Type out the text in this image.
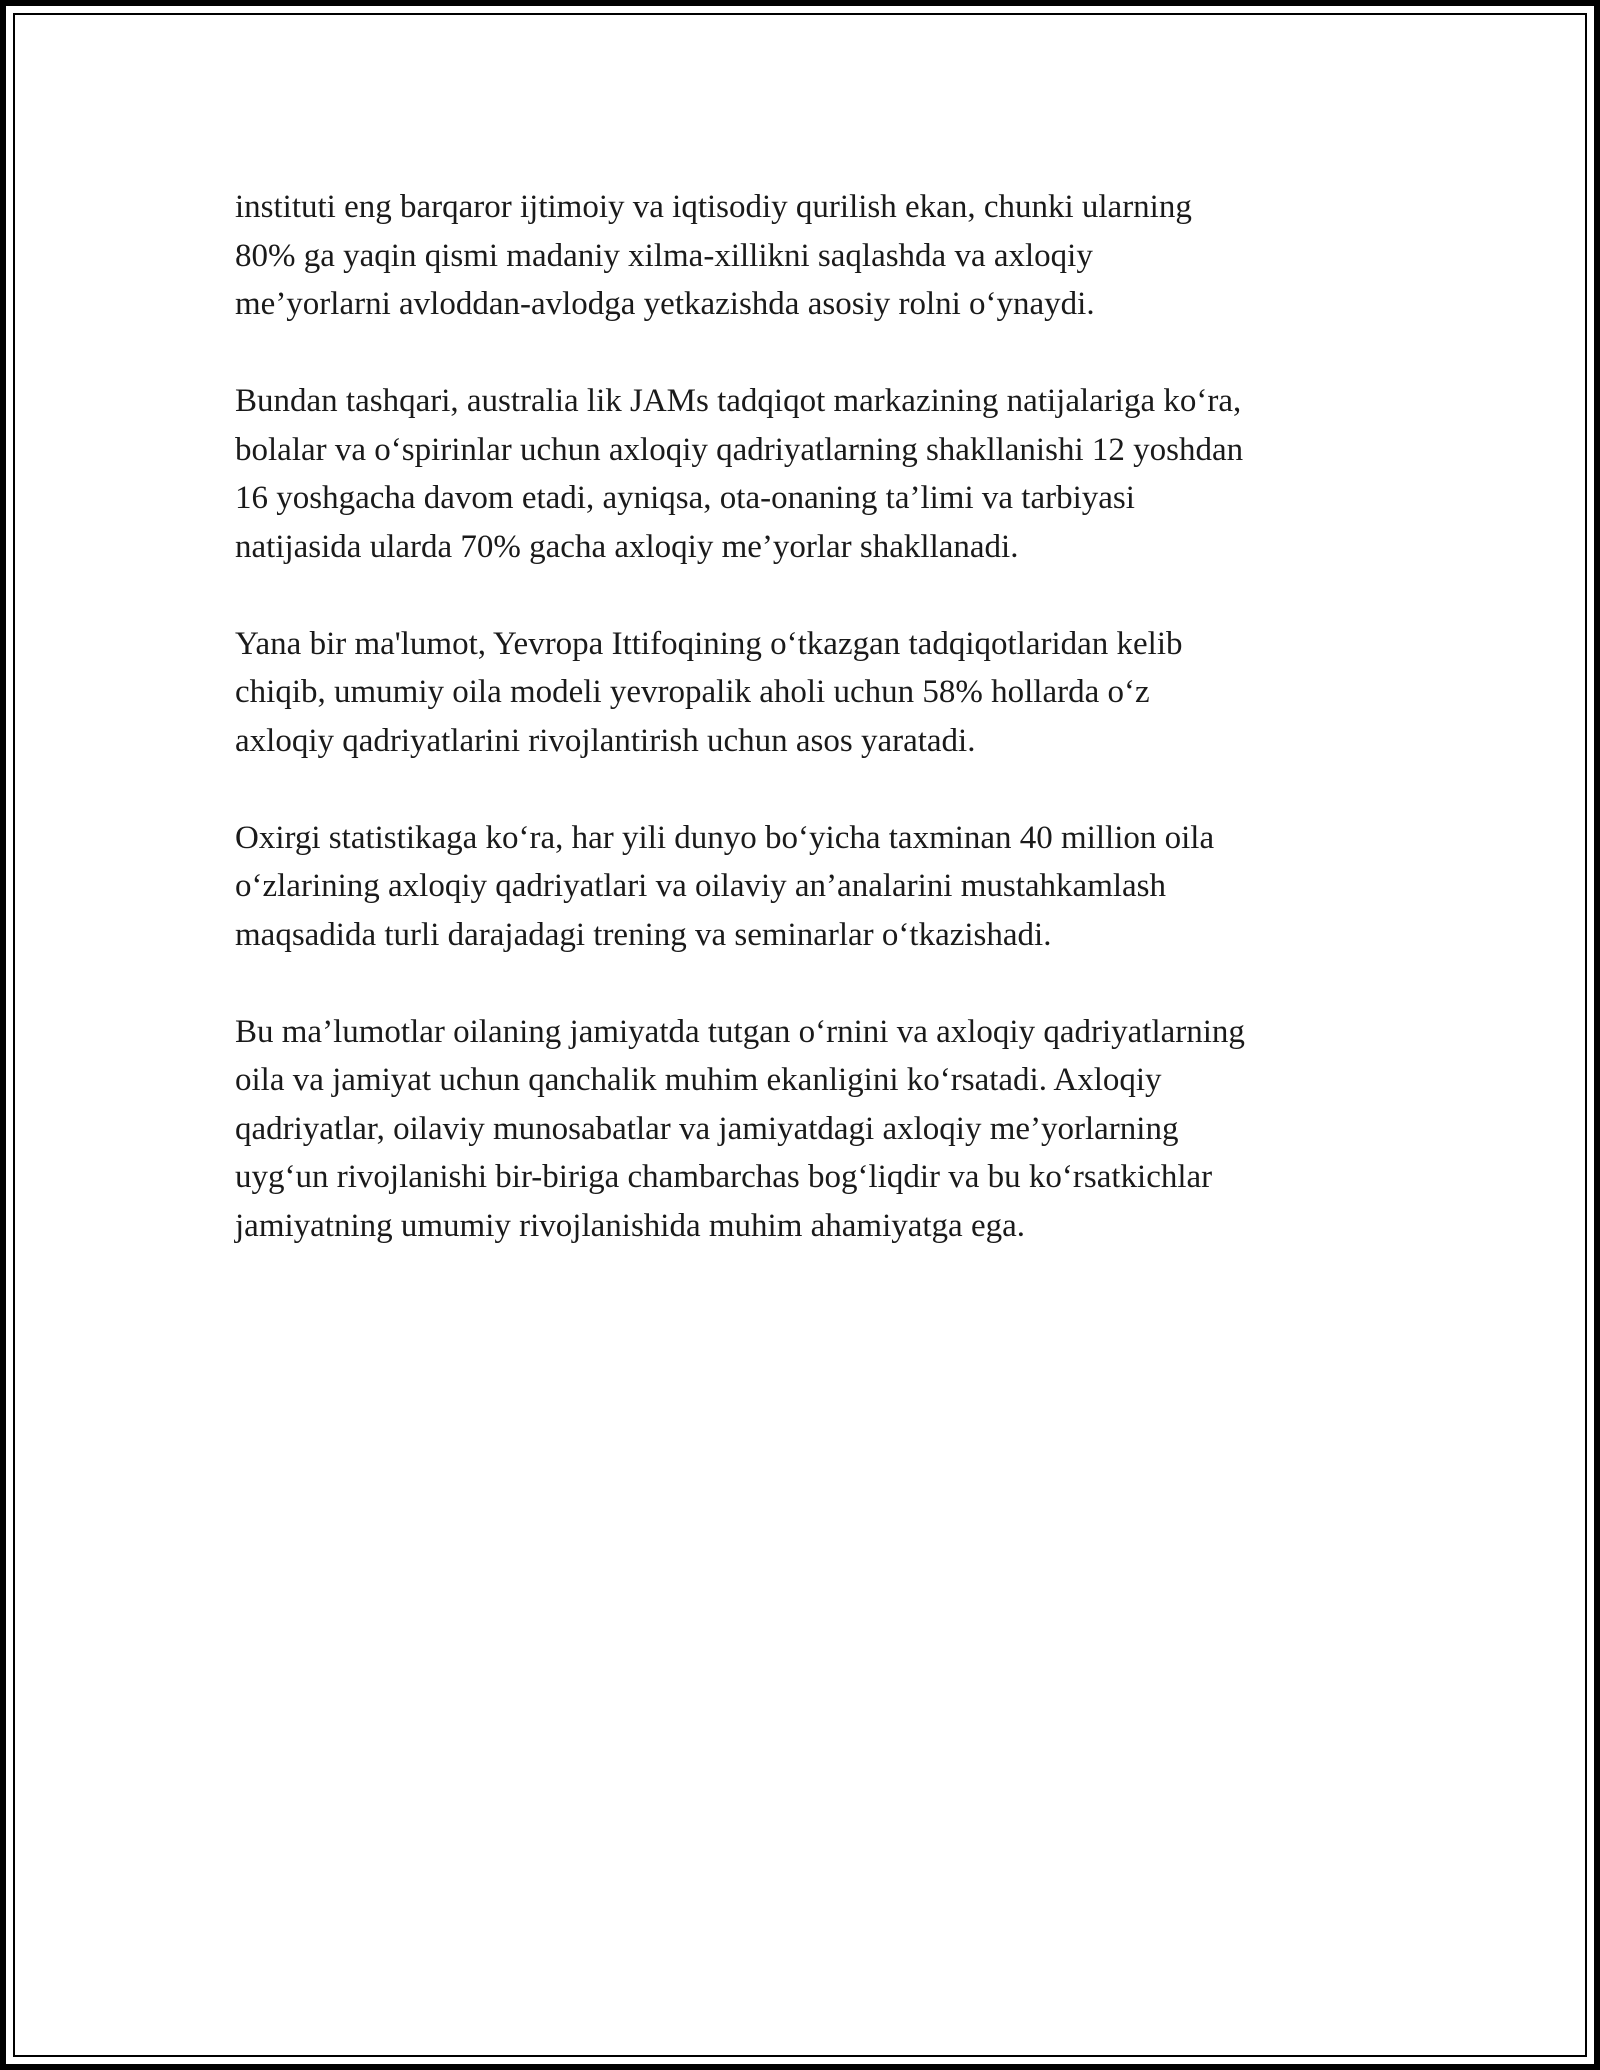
instituti eng barqaror ijtimoiy va iqtisodiy qurilish ekan, chunki ularning
80% ga yaqin qismi madaniy xilma-xillikni saqlashda va axloqiy
me’yorlarni avloddan-avlodga yetkazishda asosiy rolni o‘ynaydi.

Bundan tashqari, australia lik JAMs tadqiqot markazining natijalariga ko‘ra,
bolalar va o‘spirinlar uchun axloqiy qadriyatlarning shakllanishi 12 yoshdan
16 yoshgacha davom etadi, ayniqsa, ota-onaning ta’limi va tarbiyasi
natijasida ularda 70% gacha axloqiy me’yorlar shakllanadi.

Yana bir ma'lumot, Yevropa Ittifoqining o‘tkazgan tadqiqotlaridan kelib
chiqib, umumiy oila modeli yevropalik aholi uchun 58% hollarda o‘z
axloqiy qadriyatlarini rivojlantirish uchun asos yaratadi.

Oxirgi statistikaga ko‘ra, har yili dunyo bo‘yicha taxminan 40 million oila
o‘zlarining axloqiy qadriyatlari va oilaviy an’analarini mustahkamlash
maqsadida turli darajadagi trening va seminarlar o‘tkazishadi.

Bu ma’lumotlar oilaning jamiyatda tutgan o‘rnini va axloqiy qadriyatlarning
oila va jamiyat uchun qanchalik muhim ekanligini ko‘rsatadi. Axloqiy
qadriyatlar, oilaviy munosabatlar va jamiyatdagi axloqiy me’yorlarning
uyg‘un rivojlanishi bir-biriga chambarchas bog‘liqdir va bu ko‘rsatkichlar
jamiyatning umumiy rivojlanishida muhim ahamiyatga ega.
